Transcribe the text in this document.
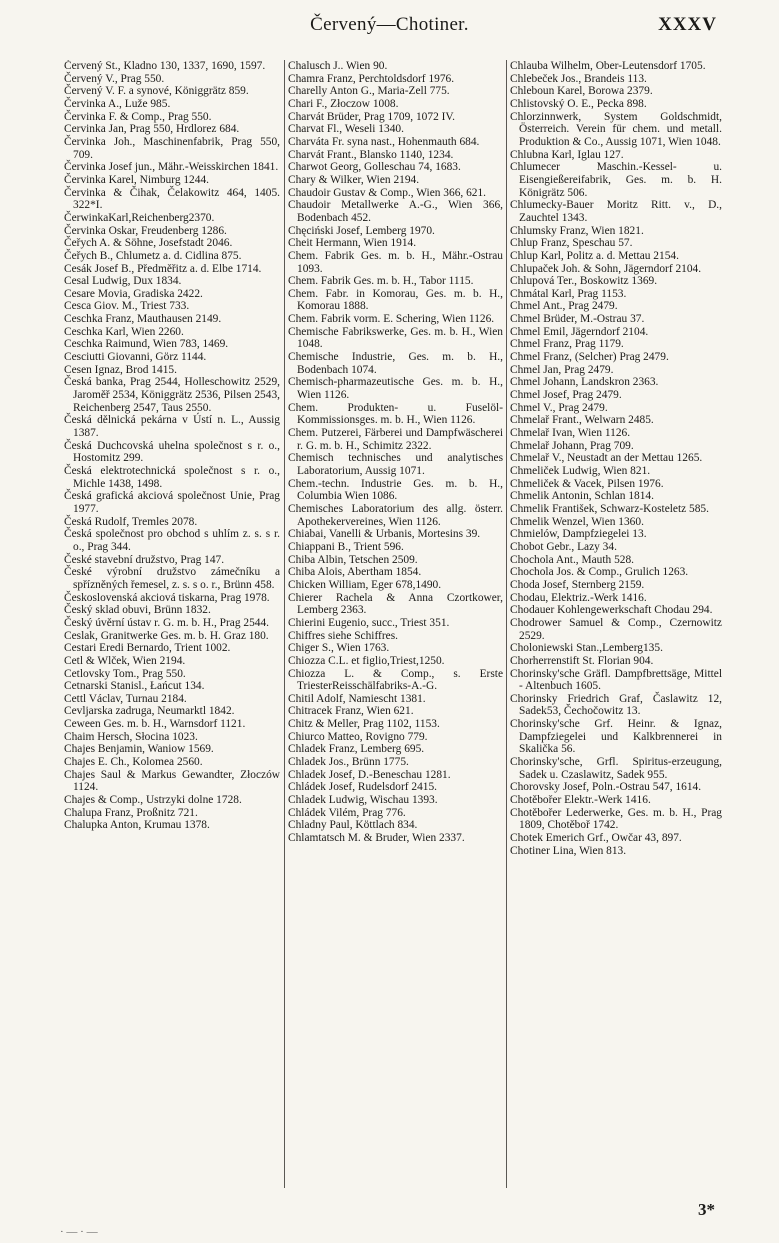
Červený—Chotiner.	XXXV

Červený St., Kladno 130, 1337, 1690, 1597.

Červený V., Prag 550.

Červený V. F. a synové, Königgrätz 859.

Červinka A., Luže 985.

Červinka F. & Comp., Prag 550.

Cervinka Jan, Prag 550, Hrdlorez 684.

Červinka Joh., Maschinenfabrik, Prag 550, 709.

Červinka Josef jun., Mähr.-Weisskirchen 1841.

Červinka Karel, Nimburg 1244.

Červinka & Čihak, Čelakowitz 464, 1405. 322*I.

ČerwinkaKarl,Reichenberg2370.

Červinka Oskar, Freudenberg 1286.

Čeřych A. & Söhne, Josefstadt 2046.

Čeřych B., Chlumetz a. d. Cidlina 875.

Cesák Josef B., Předměřitz a. d. Elbe 1714.

Cesal Ludwig, Dux 1834.

Cesare Movia, Gradiska 2422.

Cesca Giov. M., Triest 733.

Ceschka Franz, Mauthausen 2149.

Ceschka Karl, Wien 2260.

Ceschka Raimund, Wien 783, 1469.

Cesciutti Giovanni, Görz 1144.

Cesen Ignaz, Brod 1415.

Česká banka, Prag 2544, Holleschowitz 2529, Jaroměř 2534, Königgrätz 2536, Pilsen 2543, Reichenberg 2547, Taus 2550.

Česká dělnická pekárna v Ústí n. L., Aussig 1387.

Česká Duchcovská uhelna společnost s r. o., Hostomitz 299.

Česká elektrotechnická společnost s r. o., Michle 1438, 1498.

Česká grafická akciová společnost Unie, Prag 1977.

Česká Rudolf, Tremles 2078.

Česká společnost pro obchod s uhlím z. s. s r. o., Prag 344.

České stavební družstvo, Prag 147.

České výrobní družstvo zámečníku a spřízněných řemesel, z. s. s o. r., Brünn 458.

Československá akciová tiskarna, Prag 1978.

Český sklad obuvi, Brünn 1832.

Český úvěrní ústav r. G. m. b. H., Prag 2544.

Ceslak, Granitwerke Ges. m. b. H. Graz 180.

Cestari Eredi Bernardo, Trient 1002.

Cetl & Wlček, Wien 2194.

Cetlovsky Tom., Prag 550.

Cetnarski Stanisl., Łańcut 134.

Cettl Václav, Turnau 2184.

Cevljarska zadruga, Neumarktl 1842.

Ceween Ges. m. b. H., Warnsdorf 1121.

Chaim Hersch, Słocina 1023.

Chajes Benjamin, Waniow 1569.

Chajes E. Ch., Kolomea 2560.

Chajes Saul & Markus Gewandter, Złoczów 1124.

Chajes & Comp., Ustrzyki dolne 1728.

Chalupa Franz, Proßnitz 721.

Chalupka Anton, Krumau 1378.

Chalusch J.. Wien 90.

Chamra Franz, Perchtoldsdorf 1976.

Charelly Anton G., Maria-Zell 775.

Chari F., Złoczow 1008.

Charvát Brüder, Prag 1709, 1072 IV.

Charvat Fl., Weseli 1340.

Charváta Fr. syna nast., Hohenmauth 684.

Charvát Frant., Blansko 1140, 1234.

Charwot Georg, Golleschau 74, 1683.

Chary & Wilker, Wien 2194.

Chaudoir Gustav & Comp., Wien 366, 621.

Chaudoir Metallwerke A.-G., Wien 366, Bodenbach 452.

Chęciński Josef, Lemberg 1970.

Cheit Hermann, Wien 1914.

Chem. Fabrik Ges. m. b. H., Mähr.-Ostrau 1093.

Chem. Fabrik Ges. m. b. H., Tabor 1115.

Chem. Fabr. in Komorau, Ges. m. b. H., Komorau 1888.

Chem. Fabrik vorm. E. Schering, Wien 1126.

Chemische Fabrikswerke, Ges. m. b. H., Wien 1048.

Chemische Industrie, Ges. m. b. H., Bodenbach 1074.

Chemisch-pharmazeutische Ges. m. b. H., Wien 1126.

Chem. Produkten- u. Fuselöl-Kommissionsges. m. b. H., Wien 1126.

Chem. Putzerei, Färberei und Dampfwäscherei r. G. m. b. H., Schimitz 2322.

Chemisch technisches und analytisches Laboratorium, Aussig 1071.

Chem.-techn. Industrie Ges. m. b. H., Columbia Wien 1086.

Chemisches Laboratorium des allg. österr. Apothekervereines, Wien 1126.

Chiabai, Vanelli & Urbanis, Mortesins 39.

Chiappani B., Trient 596.

Chiba Albin, Tetschen 2509.

Chiba Alois, Abertham 1854.

Chicken William, Eger 678,1490.

Chierer Rachela & Anna Czortkower, Lemberg 2363.

Chierini Eugenio, succ., Triest 351.

Chiffres siehe Schiffres.

Chiger S., Wien 1763.

Chiozza C.L. et figlio,Triest,1250.

Chiozza L. & Comp., s. Erste TriesterReisschälfabriks-A.-G.

Chitil Adolf, Namiescht 1381.

Chitracek Franz, Wien 621.

Chitz & Meller, Prag 1102, 1153.

Chiurco Matteo, Rovigno 779.

Chladek Franz, Lemberg 695.

Chladek Jos., Brünn 1775.

Chladek Josef, D.-Beneschau 1281.

Chládek Josef, Rudelsdorf 2415.

Chladek Ludwig, Wischau 1393.

Chládek Vilém, Prag 776.

Chladny Paul, Köttlach 834.

Chlamtatsch M. & Bruder, Wien 2337.

Chlauba Wilhelm, Ober-Leutensdorf 1705.

Chlebeček Jos., Brandeis 113.

Chleboun Karel, Borowa 2379.

Chlistovský O. E., Pecka 898.

Chlorzinnwerk, System Goldschmidt, Österreich. Verein für chem. und metall. Produktion & Co., Aussig 1071, Wien 1048.

Chlubna Karl, Iglau 127.

Chlumecer Maschin.-Kessel- u. Eisengießereifabrik, Ges. m. b. H. Königrätz 506.

Chlumecky-Bauer Moritz Ritt. v., D., Zauchtel 1343.

Chlumsky Franz, Wien 1821.

Chlup Franz, Speschau 57.

Chlup Karl, Politz a. d. Mettau 2154.

Chlupaček Joh. & Sohn, Jägerndorf 2104.

Chlupová Ter., Boskowitz 1369.

Chmátal Karl, Prag 1153.

Chmel Ant., Prag 2479.

Chmel Brüder, M.-Ostrau 37.

Chmel Emil, Jägerndorf 2104.

Chmel Franz, Prag 1179.

Chmel Franz, (Selcher) Prag 2479.

Chmel Jan, Prag 2479.

Chmel Johann, Landskron 2363.

Chmel Josef, Prag 2479.

Chmel V., Prag 2479.

Chmelař Frant., Welwarn 2485.

Chmelař Ivan, Wien 1126.

Chmelař Johann, Prag 709.

Chmelař V., Neustadt an der Mettau 1265.

Chmeliček Ludwig, Wien 821.

Chmeliček & Vacek, Pilsen 1976.

Chmelik Antonin, Schlan 1814.

Chmelik František, Schwarz-Kosteletz 585.

Chmelik Wenzel, Wien 1360.

Chmielów, Dampfziegelei 13.

Chobot Gebr., Lazy 34.

Chochola Ant., Mauth 528.

Chochola Jos. & Comp., Grulich 1263.

Choda Josef, Sternberg 2159.

Chodau, Elektriz.-Werk 1416.

Chodauer Kohlengewerkschaft Chodau 294.

Chodrower Samuel & Comp., Czernowitz 2529.

Choloniewski Stan.,Lemberg135.

Chorherrenstift St. Florian 904.

Chorinsky'sche Gräfl. Dampfbrettsäge, Mittel - Altenbuch 1605.

Chorinsky Friedrich Graf, Časlawitz 12, Sadek53, Čechočowitz 13.

Chorinsky'sche Grf. Heinr. & Ignaz, Dampfziegelei und Kalkbrennerei in Skalička 56.

Chorinsky'sche, Grfl. Spiritus-erzeugung, Sadek u. Czaslawitz, Sadek 955.

Chorovsky Josef, Poln.-Ostrau 547, 1614.

Chotěbořer Elektr.-Werk 1416.

Chotěbořer Lederwerke, Ges. m. b. H., Prag 1809, Chotěboř 1742.

Chotek Emerich Grf., Owčar 43, 897.

Chotiner Lina, Wien 813.

· — · —
3*
